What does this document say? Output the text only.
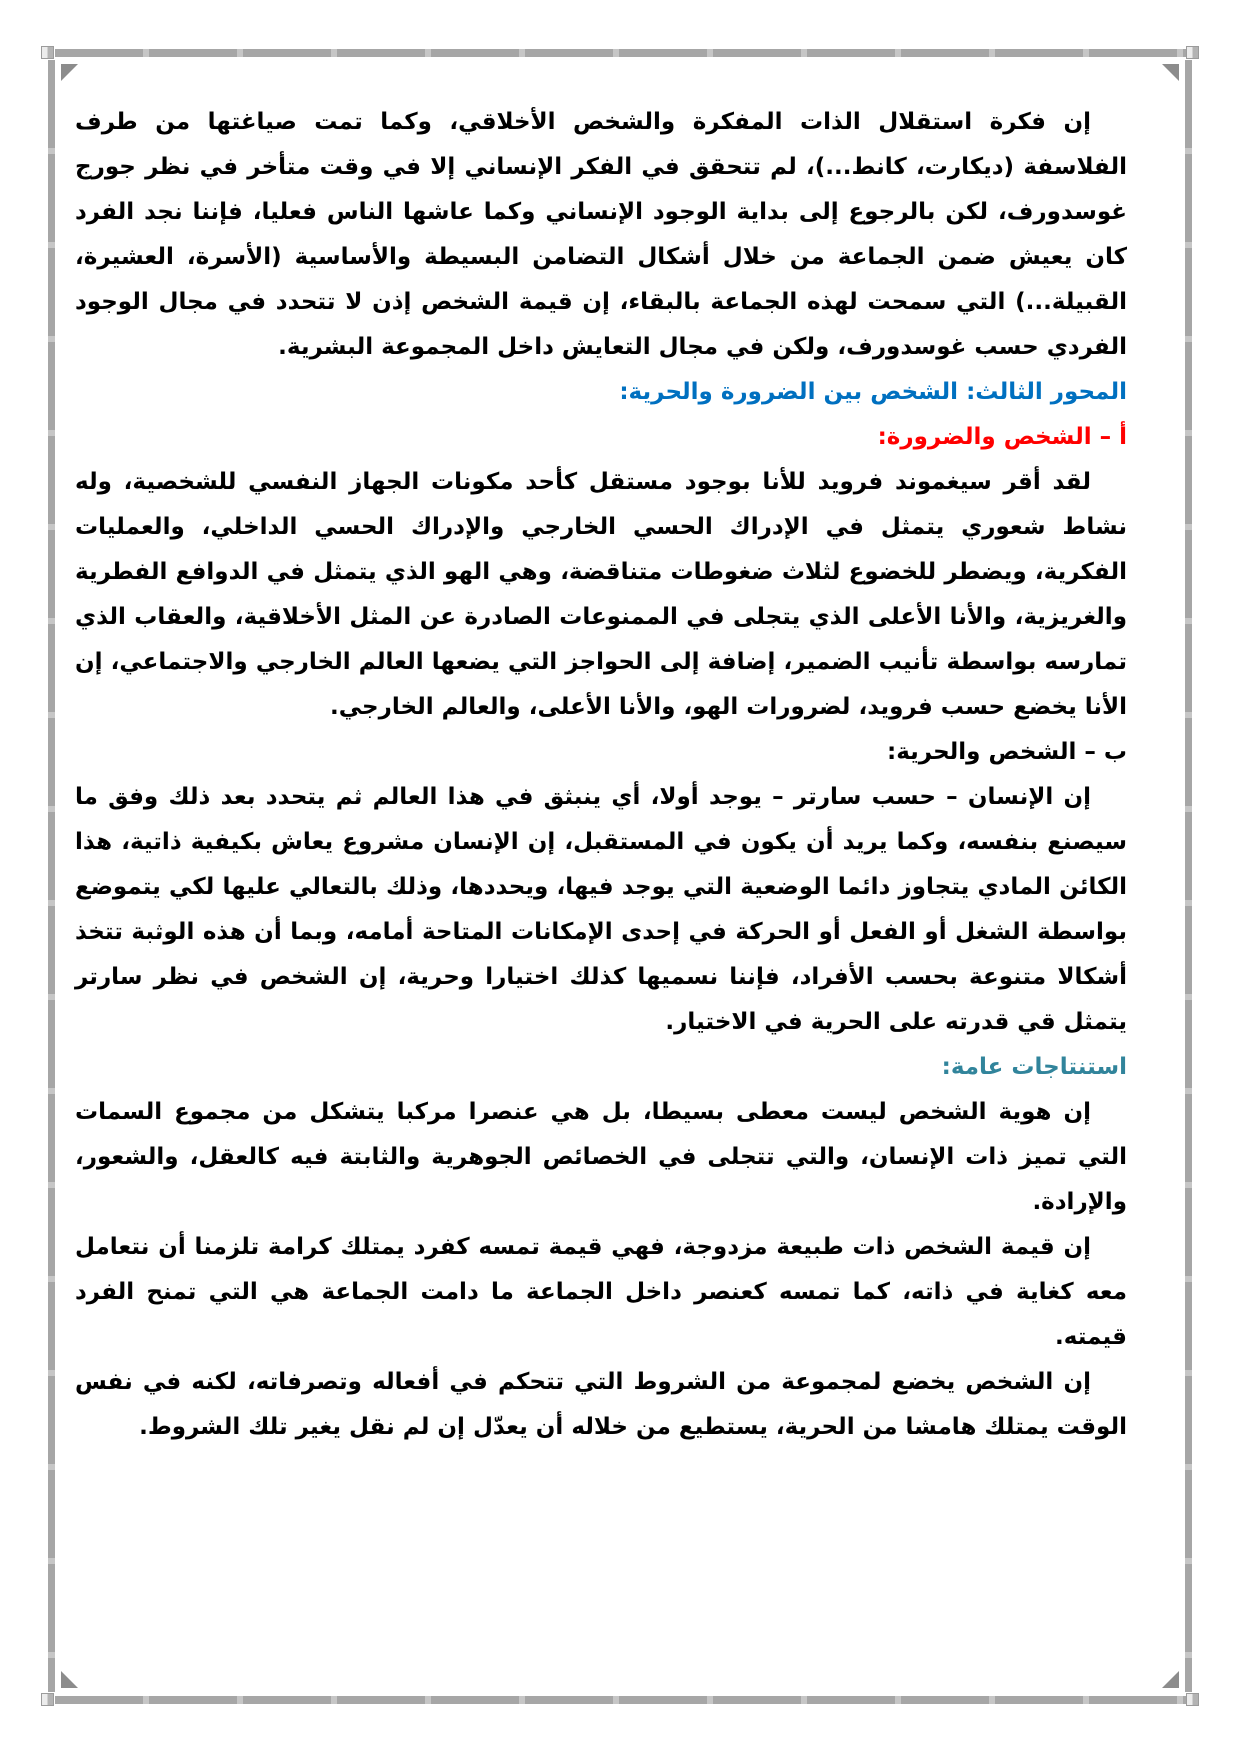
إن فكرة استقلال الذات المفكرة والشخص الأخلاقي، وكما تمت صياغتها من طرف الفلاسفة (ديكارت، كانط...)، لم تتحقق في الفكر الإنساني إلا في وقت متأخر في نظر جورج غوسدورف، لكن بالرجوع إلى بداية الوجود الإنساني وكما عاشها الناس فعليا، فإننا نجد الفرد كان يعيش ضمن الجماعة من خلال أشكال التضامن البسيطة والأساسية (الأسرة، العشيرة، القبيلة...) التي سمحت لهذه الجماعة بالبقاء، إن قيمة الشخص إذن لا تتحدد في مجال الوجود الفردي حسب غوسدورف، ولكن في مجال التعايش داخل المجموعة البشرية.

المحور الثالث: الشخص بين الضرورة والحرية:

أ – الشخص والضرورة:

لقد أقر سيغموند فرويد للأنا بوجود مستقل كأحد مكونات الجهاز النفسي للشخصية، وله نشاط شعوري يتمثل في الإدراك الحسي الخارجي والإدراك الحسي الداخلي، والعمليات الفكرية، ويضطر للخضوع لثلاث ضغوطات متناقضة، وهي الهو الذي يتمثل في الدوافع الفطرية والغريزية، والأنا الأعلى الذي يتجلى في الممنوعات الصادرة عن المثل الأخلاقية، والعقاب الذي تمارسه بواسطة تأنيب الضمير، إضافة إلى الحواجز التي يضعها العالم الخارجي والاجتماعي، إن الأنا يخضع حسب فرويد، لضرورات الهو، والأنا الأعلى، والعالم الخارجي.

ب – الشخص والحرية:

إن الإنسان – حسب سارتر – يوجد أولا، أي ينبثق في هذا العالم ثم يتحدد بعد ذلك وفق ما سيصنع بنفسه، وكما يريد أن يكون في المستقبل، إن الإنسان مشروع يعاش بكيفية ذاتية، هذا الكائن المادي يتجاوز دائما الوضعية التي يوجد فيها، ويحددها، وذلك بالتعالي عليها لكي يتموضع بواسطة الشغل أو الفعل أو الحركة في إحدى الإمكانات المتاحة أمامه، وبما أن هذه الوثبة تتخذ أشكالا متنوعة بحسب الأفراد، فإننا نسميها كذلك اختيارا وحرية، إن الشخص في نظر سارتر يتمثل قي قدرته على الحرية في الاختيار.

استنتاجات عامة:

إن هوية الشخص ليست معطى بسيطا، بل هي عنصرا مركبا يتشكل من مجموع السمات التي تميز ذات الإنسان، والتي تتجلى في الخصائص الجوهرية والثابتة فيه كالعقل، والشعور، والإرادة.

إن قيمة الشخص ذات طبيعة مزدوجة، فهي قيمة تمسه كفرد يمتلك كرامة تلزمنا أن نتعامل معه كغاية في ذاته، كما تمسه كعنصر داخل الجماعة ما دامت الجماعة هي التي تمنح الفرد قيمته.

إن الشخص يخضع لمجموعة من الشروط التي تتحكم في أفعاله وتصرفاته، لكنه في نفس الوقت يمتلك هامشا من الحرية، يستطيع من خلاله أن يعدّل إن لم نقل يغير تلك الشروط.
